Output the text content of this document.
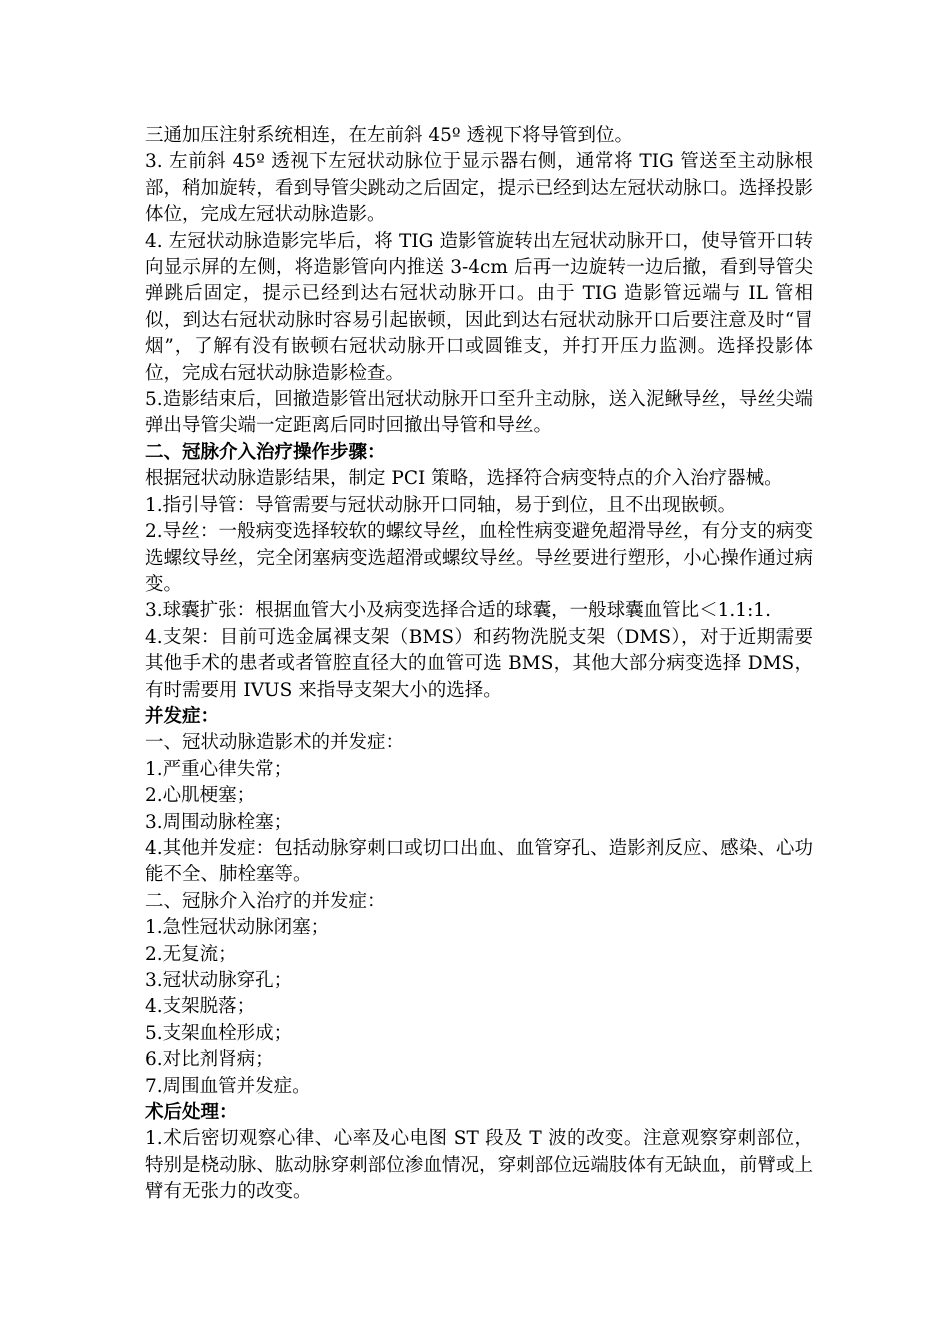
三通加压注射系统相连，在左前斜 45º 透视下将导管到位。

3. 左前斜 45º 透视下左冠状动脉位于显示器右侧，通常将 TIG 管送至主动脉根部，稍加旋转，看到导管尖跳动之后固定，提示已经到达左冠状动脉口。选择投影体位，完成左冠状动脉造影。

4. 左冠状动脉造影完毕后，将 TIG 造影管旋转出左冠状动脉开口，使导管开口转向显示屏的左侧，将造影管向内推送 3-4cm 后再一边旋转一边后撤，看到导管尖弹跳后固定，提示已经到达右冠状动脉开口。由于 TIG 造影管远端与 IL 管相似，到达右冠状动脉时容易引起嵌顿，因此到达右冠状动脉开口后要注意及时“冒烟”，了解有没有嵌顿右冠状动脉开口或圆锥支，并打开压力监测。选择投影体位，完成右冠状动脉造影检查。

5.造影结束后，回撤造影管出冠状动脉开口至升主动脉，送入泥鳅导丝，导丝尖端弹出导管尖端一定距离后同时回撤出导管和导丝。

二、冠脉介入治疗操作步骤：

根据冠状动脉造影结果，制定 PCI 策略，选择符合病变特点的介入治疗器械。

1.指引导管：导管需要与冠状动脉开口同轴，易于到位，且不出现嵌顿。

2.导丝：一般病变选择较软的螺纹导丝，血栓性病变避免超滑导丝，有分支的病变选螺纹导丝，完全闭塞病变选超滑或螺纹导丝。导丝要进行塑形，小心操作通过病变。

3.球囊扩张：根据血管大小及病变选择合适的球囊，一般球囊血管比＜1.1:1.

4.支架：目前可选金属裸支架（BMS）和药物洗脱支架（DMS），对于近期需要其他手术的患者或者管腔直径大的血管可选 BMS，其他大部分病变选择 DMS，有时需要用 IVUS 来指导支架大小的选择。

并发症：

一、冠状动脉造影术的并发症：

1.严重心律失常；

2.心肌梗塞；

3.周围动脉栓塞；

4.其他并发症：包括动脉穿刺口或切口出血、血管穿孔、造影剂反应、感染、心功能不全、肺栓塞等。

二、冠脉介入治疗的并发症：

1.急性冠状动脉闭塞；

2.无复流；

3.冠状动脉穿孔；

4.支架脱落；

5.支架血栓形成；

6.对比剂肾病；

7.周围血管并发症。

术后处理：

1.术后密切观察心律、心率及心电图 ST 段及 T 波的改变。注意观察穿刺部位，特别是桡动脉、肱动脉穿刺部位渗血情况，穿刺部位远端肢体有无缺血，前臂或上臂有无张力的改变。
